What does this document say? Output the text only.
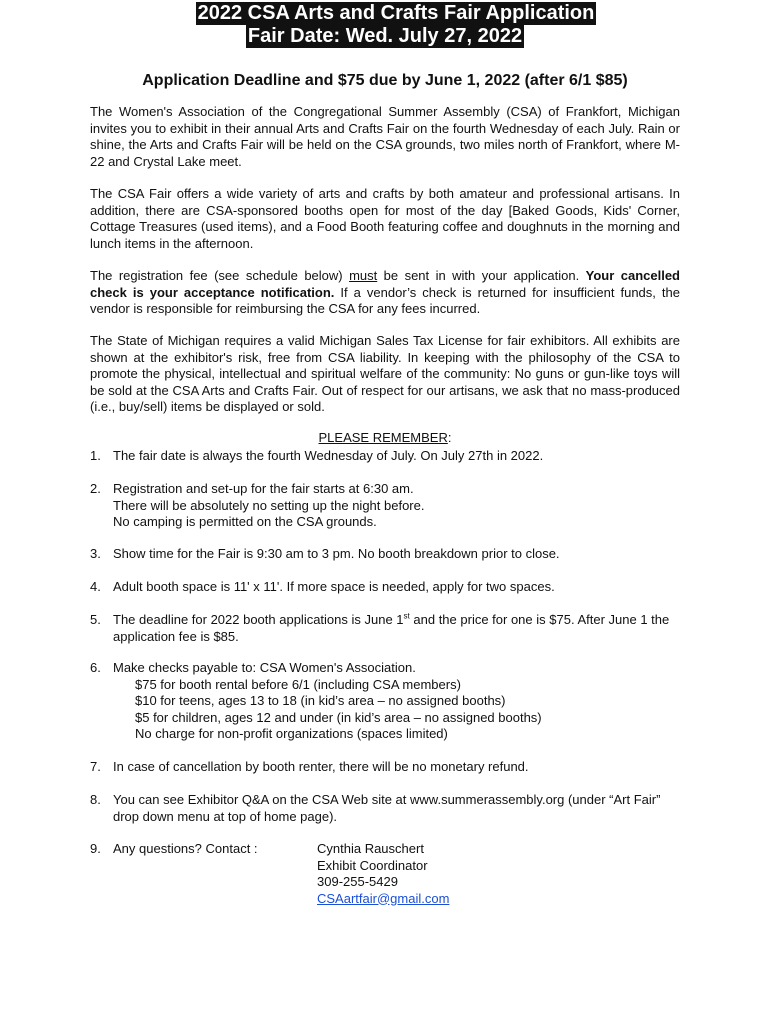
2022 CSA Arts and Crafts Fair Application
Fair Date: Wed. July 27, 2022
Application Deadline and $75 due by June 1, 2022 (after 6/1 $85)
The Women's Association of the Congregational Summer Assembly (CSA) of Frankfort, Michigan invites you to exhibit in their annual Arts and Crafts Fair on the fourth Wednesday of each July. Rain or shine, the Arts and Crafts Fair will be held on the CSA grounds, two miles north of Frankfort, where M-22 and Crystal Lake meet.
The CSA Fair offers a wide variety of arts and crafts by both amateur and professional artisans. In addition, there are CSA-sponsored booths open for most of the day [Baked Goods, Kids' Corner, Cottage Treasures (used items), and a Food Booth featuring coffee and doughnuts in the morning and lunch items in the afternoon.
The registration fee (see schedule below) must be sent in with your application. Your cancelled check is your acceptance notification. If a vendor’s check is returned for insufficient funds, the vendor is responsible for reimbursing the CSA for any fees incurred.
The State of Michigan requires a valid Michigan Sales Tax License for fair exhibitors. All exhibits are shown at the exhibitor's risk, free from CSA liability. In keeping with the philosophy of the CSA to promote the physical, intellectual and spiritual welfare of the community: No guns or gun-like toys will be sold at the CSA Arts and Crafts Fair. Out of respect for our artisans, we ask that no mass-produced (i.e., buy/sell) items be displayed or sold.
PLEASE REMEMBER:
1. The fair date is always the fourth Wednesday of July. On July 27th in 2022.
2. Registration and set-up for the fair starts at 6:30 am.
There will be absolutely no setting up the night before.
No camping is permitted on the CSA grounds.
3. Show time for the Fair is 9:30 am to 3 pm. No booth breakdown prior to close.
4. Adult booth space is 11' x 11'. If more space is needed, apply for two spaces.
5. The deadline for 2022 booth applications is June 1st and the price for one is $75. After June 1 the application fee is $85.
6. Make checks payable to: CSA Women's Association.
$75 for booth rental before 6/1 (including CSA members)
$10 for teens, ages 13 to 18 (in kid’s area – no assigned booths)
$5 for children, ages 12 and under (in kid’s area – no assigned booths)
No charge for non-profit organizations (spaces limited)
7. In case of cancellation by booth renter, there will be no monetary refund.
8. You can see Exhibitor Q&A on the CSA Web site at www.summerassembly.org (under “Art Fair” drop down menu at top of home page).
9. Any questions? Contact :	Cynthia Rauschert
Exhibit Coordinator
309-255-5429
CSAartfair@gmail.com
